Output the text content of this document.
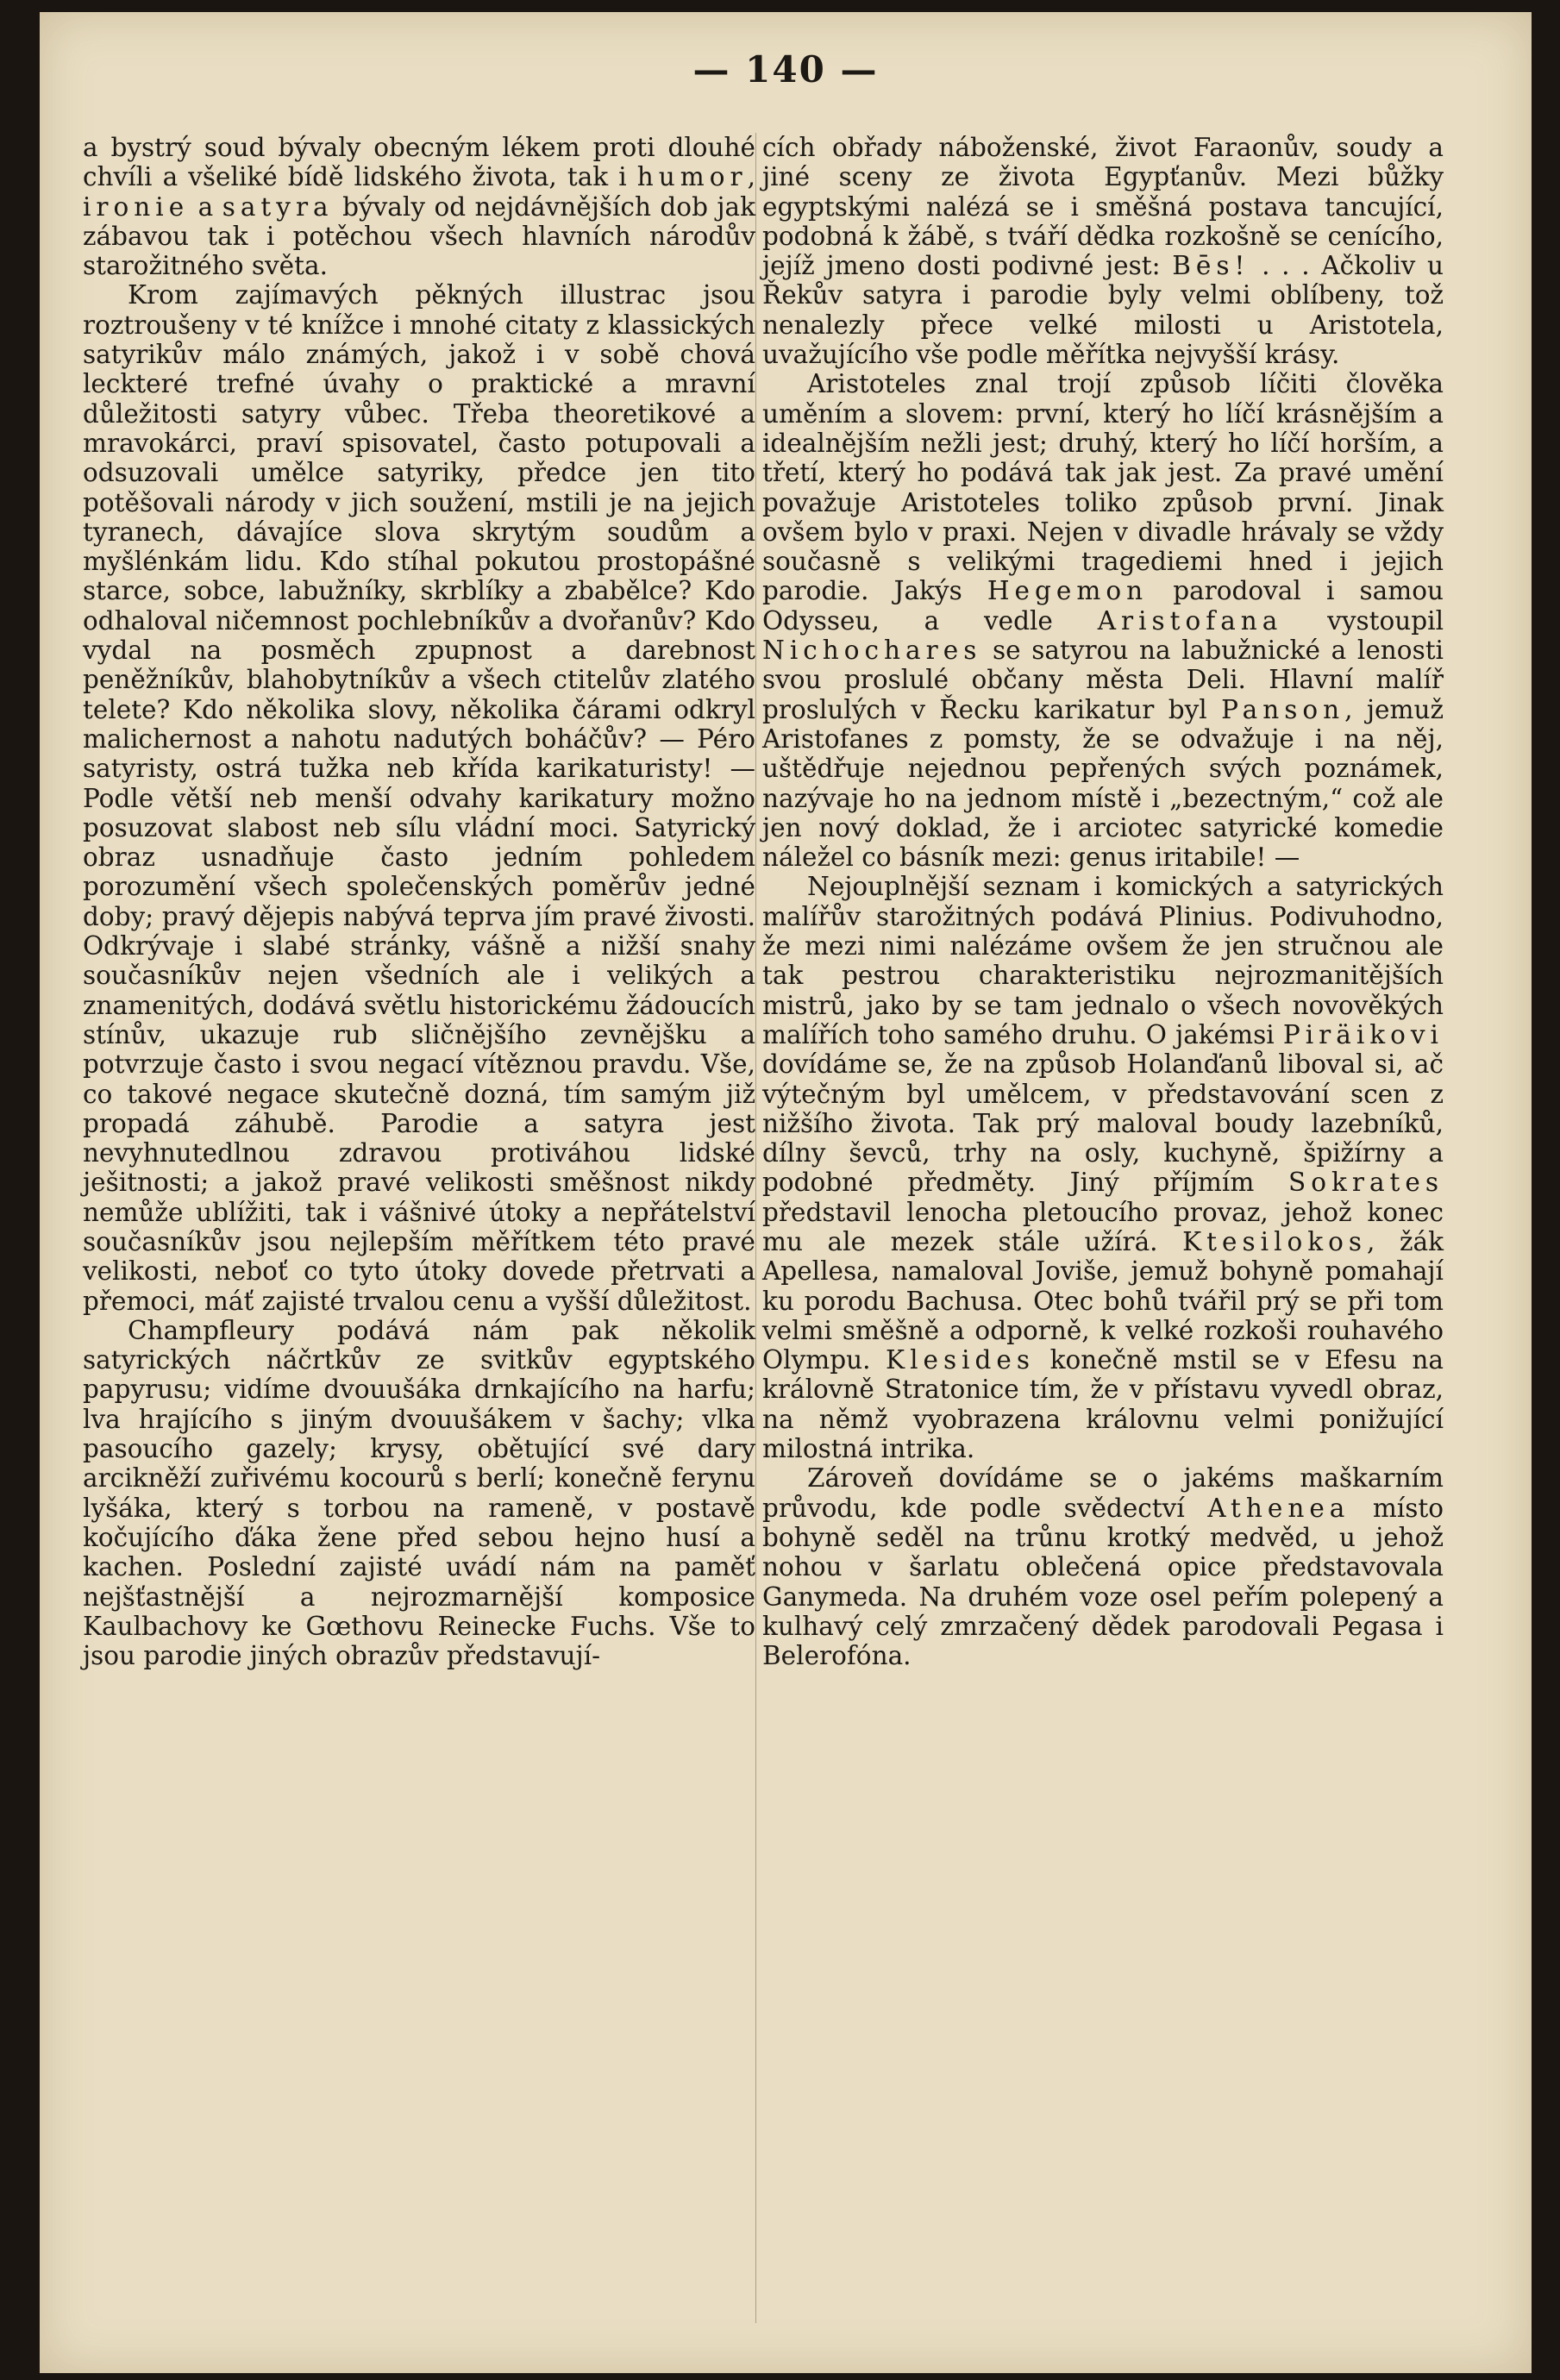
— 140 —

a bystrý soud bývaly obecným lékem proti dlouhé chvíli a všeliké bídě lidského života, tak i humor, ironie a satyra bývaly od nejdávnějších dob jak zábavou tak i potěchou všech hlavních národův starožitného světa.

Krom zajímavých pěkných illustrac jsou roztroušeny v té knížce i mnohé citaty z klassických satyrikův málo známých, jakož i v sobě chová leckteré trefné úvahy o praktické a mravní důležitosti satyry vůbec. Třeba theoretikové a mravokárci, praví spisovatel, často potupovali a odsuzovali umělce satyriky, předce jen tito potěšovali národy v jich soužení, mstili je na jejich tyranech, dávajíce slova skrytým soudům a myšlénkám lidu. Kdo stíhal pokutou prostopášné starce, sobce, labužníky, skrblíky a zbabělce? Kdo odhaloval ničemnost pochlebníkův a dvořanův? Kdo vydal na posměch zpupnost a darebnost peněžníkův, blahobytníkův a všech ctitelův zlatého telete? Kdo několika slovy, několika čárami odkryl malichernost a nahotu nadutých boháčův? — Péro satyristy, ostrá tužka neb křída karikaturisty! — Podle větší neb menší odvahy karikatury možno posuzovat slabost neb sílu vládní moci. Satyrický obraz usnadňuje často jedním pohledem porozumění všech společenských poměrův jedné doby; pravý dějepis nabývá teprva jím pravé živosti. Odkrývaje i slabé stránky, vášně a nižší snahy současníkův nejen všedních ale i velikých a znamenitých, dodává světlu historickému žádoucích stínův, ukazuje rub sličnějšího zevnějšku a potvrzuje často i svou negací vítěznou pravdu. Vše, co takové negace skutečně dozná, tím samým již propadá záhubě. Parodie a satyra jest nevyhnutedlnou zdravou protiváhou lidské ješitnosti; a jakož pravé velikosti směšnost nikdy nemůže ublížiti, tak i vášnivé útoky a nepřátelství současníkův jsou nejlepším měřítkem této pravé velikosti, neboť co tyto útoky dovede přetrvati a přemoci, máť zajisté trvalou cenu a vyšší důležitost.

Champfleury podává nám pak několik satyrických náčrtkův ze svitkův egyptského papyrusu; vidíme dvouušáka drnkajícího na harfu; lva hrajícího s jiným dvouušákem v šachy; vlka pasoucího gazely; krysy, obětující své dary arcikněží zuřivému kocourů s berlí; konečně ferynu lyšáka, který s torbou na rameně, v postavě kočujícího ďáka žene před sebou hejno husí a kachen. Poslední zajisté uvádí nám na paměť nejšťastnější a nejrozmarnější komposice Kaulbachovy ke Gœthovu Reinecke Fuchs. Vše to jsou parodie jiných obrazův představují-

cích obřady náboženské, život Faraonův, soudy a jiné sceny ze života Egypťanův. Mezi bůžky egyptskými nalézá se i směšná postava tancující, podobná k žábě, s tváří dědka rozkošně se cenícího, jejíž jmeno dosti podivné jest: Bēs! . . . Ačkoliv u Řekův satyra i parodie byly velmi oblíbeny, tož nenalezly přece velké milosti u Aristotela, uvažujícího vše podle měřítka nejvyšší krásy.

Aristoteles znal trojí způsob líčiti člověka uměním a slovem: první, který ho líčí krásnějším a idealnějším nežli jest; druhý, který ho líčí horším, a třetí, který ho podává tak jak jest. Za pravé umění považuje Aristoteles toliko způsob první. Jinak ovšem bylo v praxi. Nejen v divadle hrávaly se vždy současně s velikými tragediemi hned i jejich parodie. Jakýs Hegemon parodoval i samou Odysseu, a vedle Aristofana vystoupil Nichochares se satyrou na labužnické a lenosti svou proslulé občany města Deli. Hlavní malíř proslulých v Řecku karikatur byl Panson, jemuž Aristofanes z pomsty, že se odvažuje i na něj, uštědřuje nejednou pepřených svých poznámek, nazývaje ho na jednom místě i „bezectným,“ což ale jen nový doklad, že i arciotec satyrické komedie náležel co básník mezi: genus iritabile! —

Nejouplnější seznam i komických a satyrických malířův starožitných podává Plinius. Podivuhodno, že mezi nimi nalézáme ovšem že jen stručnou ale tak pestrou charakteristiku nejrozmanitějších mistrů, jako by se tam jednalo o všech novověkých malířích toho samého druhu. O jakémsi Piräikovi dovídáme se, že na způsob Holanďanů liboval si, ač výtečným byl umělcem, v představování scen z nižšího života. Tak prý maloval boudy lazebníků, dílny ševců, trhy na osly, kuchyně, špižírny a podobné předměty. Jiný příjmím Sokrates představil lenocha pletoucího provaz, jehož konec mu ale mezek stále užírá. Ktesilokos, žák Apellesa, namaloval Joviše, jemuž bohyně pomahají ku porodu Bachusa. Otec bohů tvářil prý se při tom velmi směšně a odporně, k velké rozkoši rouhavého Olympu. Klesides konečně mstil se v Efesu na královně Stratonice tím, že v přístavu vyvedl obraz, na němž vyobrazena královnu velmi ponižující milostná intrika.

Zároveň dovídáme se o jakéms maškarním průvodu, kde podle svědectví Athenea místo bohyně seděl na trůnu krotký medvěd, u jehož nohou v šarlatu oblečená opice představovala Ganymeda. Na druhém voze osel peřím polepený a kulhavý celý zmrzačený dědek parodovali Pegasa i Belerofóna.
